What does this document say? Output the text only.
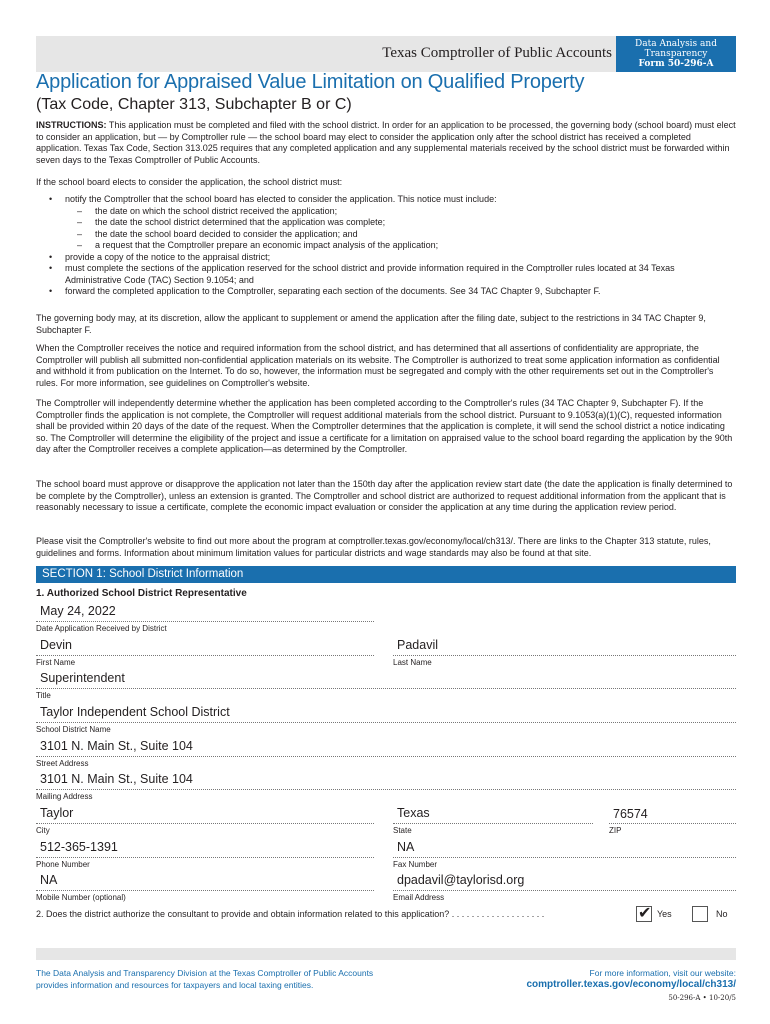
Texas Comptroller of Public Accounts
Data Analysis and
Transparency
Form 50-296-A
Application for Appraised Value Limitation on Qualified Property
(Tax Code, Chapter 313, Subchapter B or C)

INSTRUCTIONS: This application must be completed and filed with the school district. In order for an application to be processed, the governing body (school board) must elect to consider an application, but — by Comptroller rule — the school board may elect to consider the application only after the school district has received a completed application. Texas Tax Code, Section 313.025 requires that any completed application and any supplemental materials received by the school district must be forwarded within seven days to the Texas Comptroller of Public Accounts.

If the school board elects to consider the application, the school district must:
• notify the Comptroller that the school board has elected to consider the application. This notice must include:
– the date on which the school district received the application;
– the date the school district determined that the application was complete;
– the date the school board decided to consider the application; and
– a request that the Comptroller prepare an economic impact analysis of the application;
• provide a copy of the notice to the appraisal district;
• must complete the sections of the application reserved for the school district and provide information required in the Comptroller rules located at 34 Texas Administrative Code (TAC) Section 9.1054; and
• forward the completed application to the Comptroller, separating each section of the documents. See 34 TAC Chapter 9, Subchapter F.
The governing body may, at its discretion, allow the applicant to supplement or amend the application after the filing date, subject to the restrictions in 34 TAC Chapter 9, Subchapter F.
When the Comptroller receives the notice and required information from the school district, and has determined that all assertions of confidentiality are appropriate, the Comptroller will publish all submitted non-confidential application materials on its website. The Comptroller is authorized to treat some application information as confidential and withhold it from publication on the Internet. To do so, however, the information must be segregated and comply with the other requirements set out in the Comptroller's rules. For more information, see guidelines on Comptroller's website.
The Comptroller will independently determine whether the application has been completed according to the Comptroller's rules (34 TAC Chapter 9, Subchapter F). If the Comptroller finds the application is not complete, the Comptroller will request additional materials from the school district. Pursuant to 9.1053(a)(1)(C), requested information shall be provided within 20 days of the date of the request. When the Comptroller determines that the application is complete, it will send the school district a notice indicating so. The Comptroller will determine the eligibility of the project and issue a certificate for a limitation on appraised value to the school board regarding the application by the 90th day after the Comptroller receives a complete application—as determined by the Comptroller.
The school board must approve or disapprove the application not later than the 150th day after the application review start date (the date the application is finally determined to be complete by the Comptroller), unless an extension is granted. The Comptroller and school district are authorized to request additional information from the applicant that is reasonably necessary to issue a certificate, complete the economic impact evaluation or consider the application at any time during the application review period.
Please visit the Comptroller's website to find out more about the program at comptroller.texas.gov/economy/local/ch313/. There are links to the Chapter 313 statute, rules, guidelines and forms. Information about minimum limitation values for particular districts and wage standards may also be found at that site.
SECTION 1: School District Information
1. Authorized School District Representative
May 24, 2022
Date Application Received by District
Devin
First Name
Padavil
Last Name
Superintendent
Title
Taylor Independent School District
School District Name
3101 N. Main St., Suite 104
Street Address
3101 N. Main St., Suite 104
Mailing Address
Taylor
City
Texas
State
76574
ZIP
512-365-1391
Phone Number
NA
Fax Number
NA
Mobile Number (optional)
dpadavil@taylorisd.org
Email Address
2. Does the district authorize the consultant to provide and obtain information related to this application? . . . . . . . . . . . . . . . . . . .	✔ Yes	No
The Data Analysis and Transparency Division at the Texas Comptroller of Public Accounts
provides information and resources for taxpayers and local taxing entities.
For more information, visit our website:
comptroller.texas.gov/economy/local/ch313/
50-296-A • 10-20/5
